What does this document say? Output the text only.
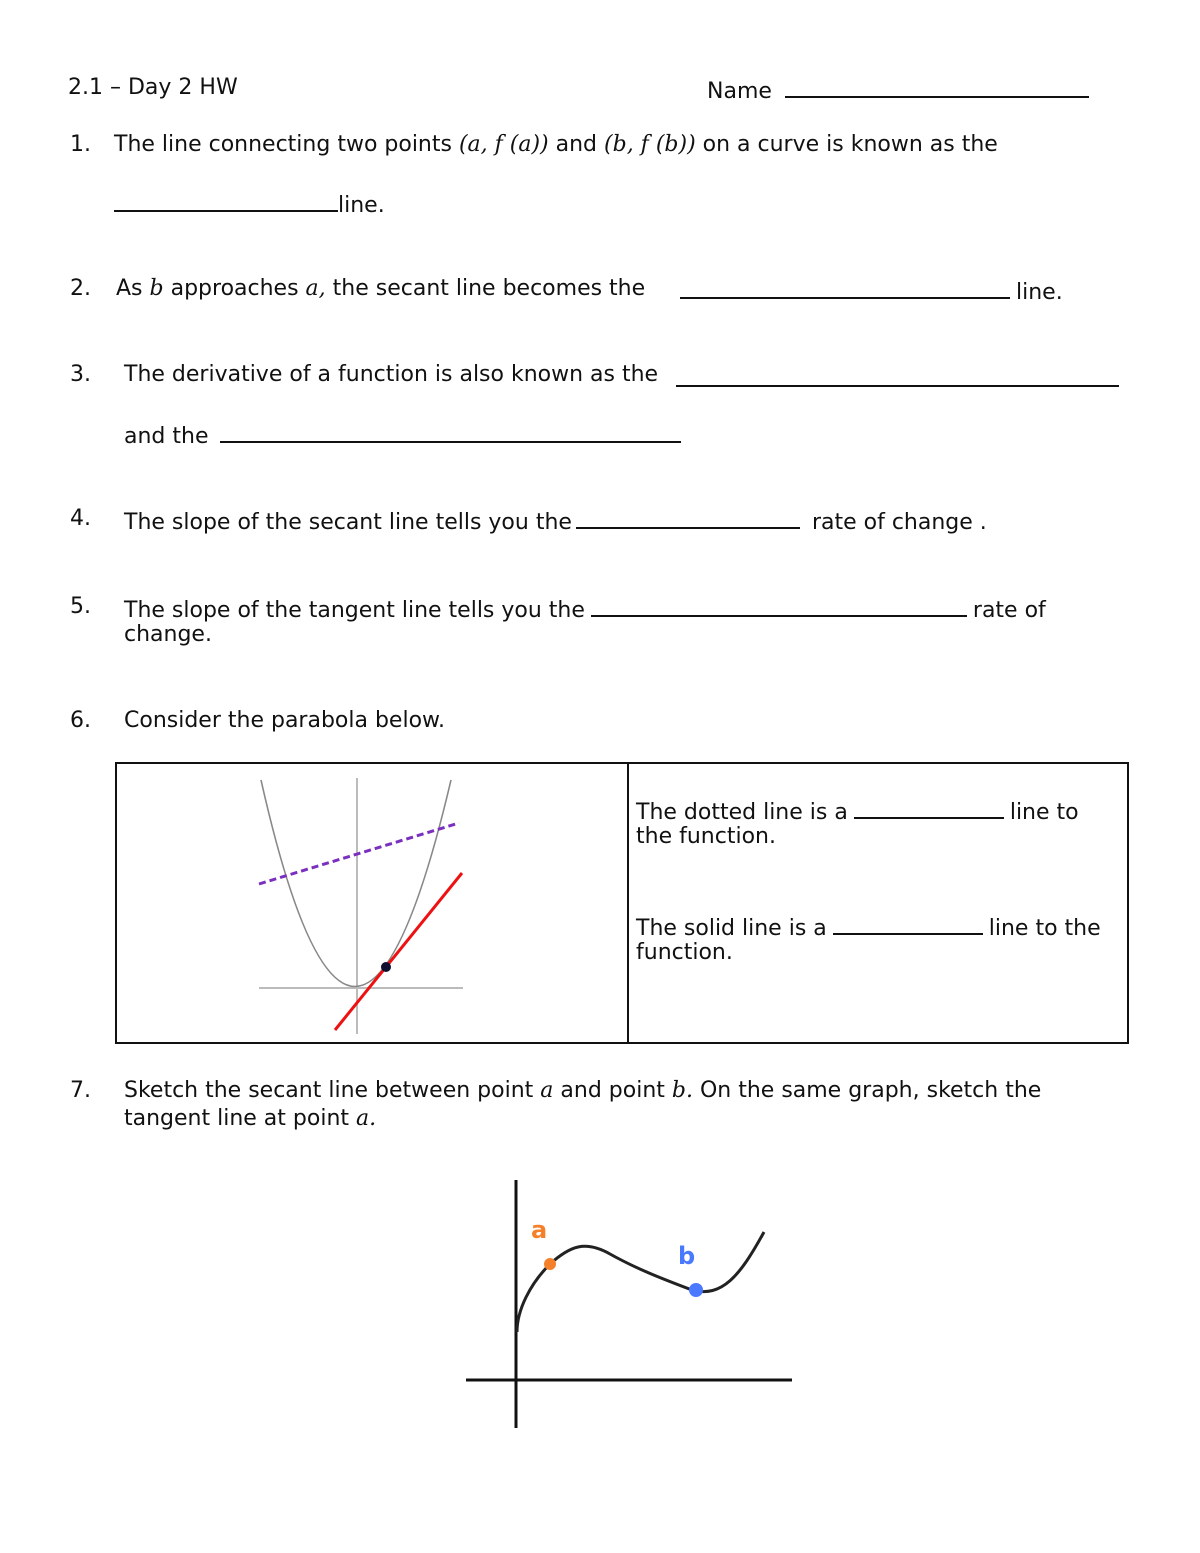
2.1 – Day 2 HW	Name
1. The line connecting two points (a, f (a)) and (b, f (b)) on a curve is known as the
line.
2. As b approaches a, the secant line becomes the	line.
3. The derivative of a function is also known as the
and the
4. The slope of the secant line tells you the	rate of change .
5. The slope of the tangent line tells you the	rate of
change.
6. Consider the parabola below.
The dotted line is a	line to
the function.
The solid line is a	line to the
function.
7. Sketch the secant line between point a and point b. On the same graph, sketch the
tangent line at point a.
a
b
